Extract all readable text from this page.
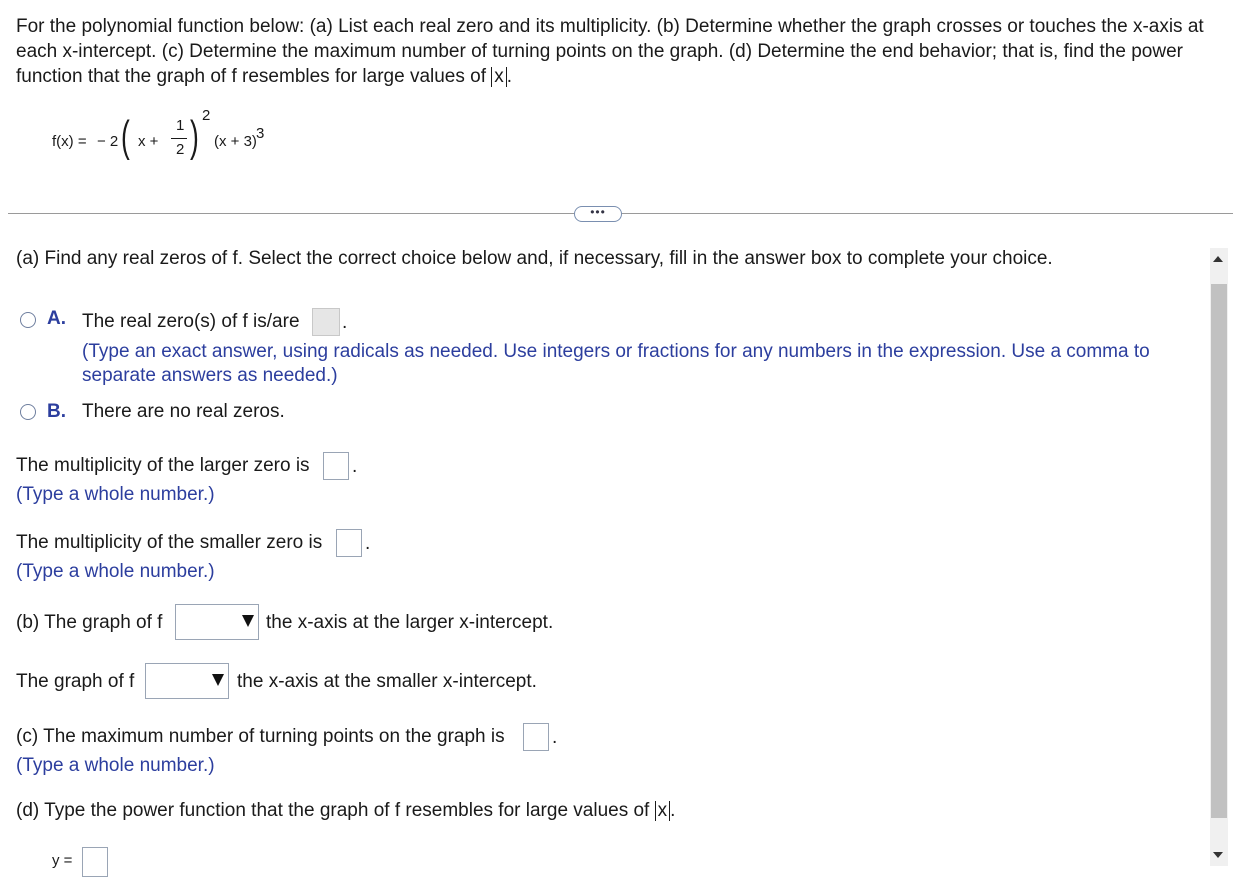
For the polynomial function below: (a) List each real zero and its multiplicity. (b) Determine whether the graph crosses or touches the x-axis at each x-intercept. (c) Determine the maximum number of turning points on the graph. (d) Determine the end behavior; that is, find the power function that the graph of f resembles for large values of x .
f(x) = − 2 ( x +
1
2 ) 2
(x + 3) 3
•••
(a) Find any real zeros of f. Select the correct choice below and, if necessary, fill in the answer box to complete your choice.
A. The real zero(s) of f is/are .
(Type an exact answer, using radicals as needed. Use integers or fractions for any numbers in the expression. Use a comma to separate answers as needed.)
B. There are no real zeros.
The multiplicity of the larger zero is .
(Type a whole number.)
The multiplicity of the smaller zero is .
(Type a whole number.)
(b) The graph of f	the x-axis at the larger x-intercept.
The graph of f	the x-axis at the smaller x-intercept.
(c) The maximum number of turning points on the graph is .
(Type a whole number.)
(d) Type the power function that the graph of f resembles for large values of x .
y =
